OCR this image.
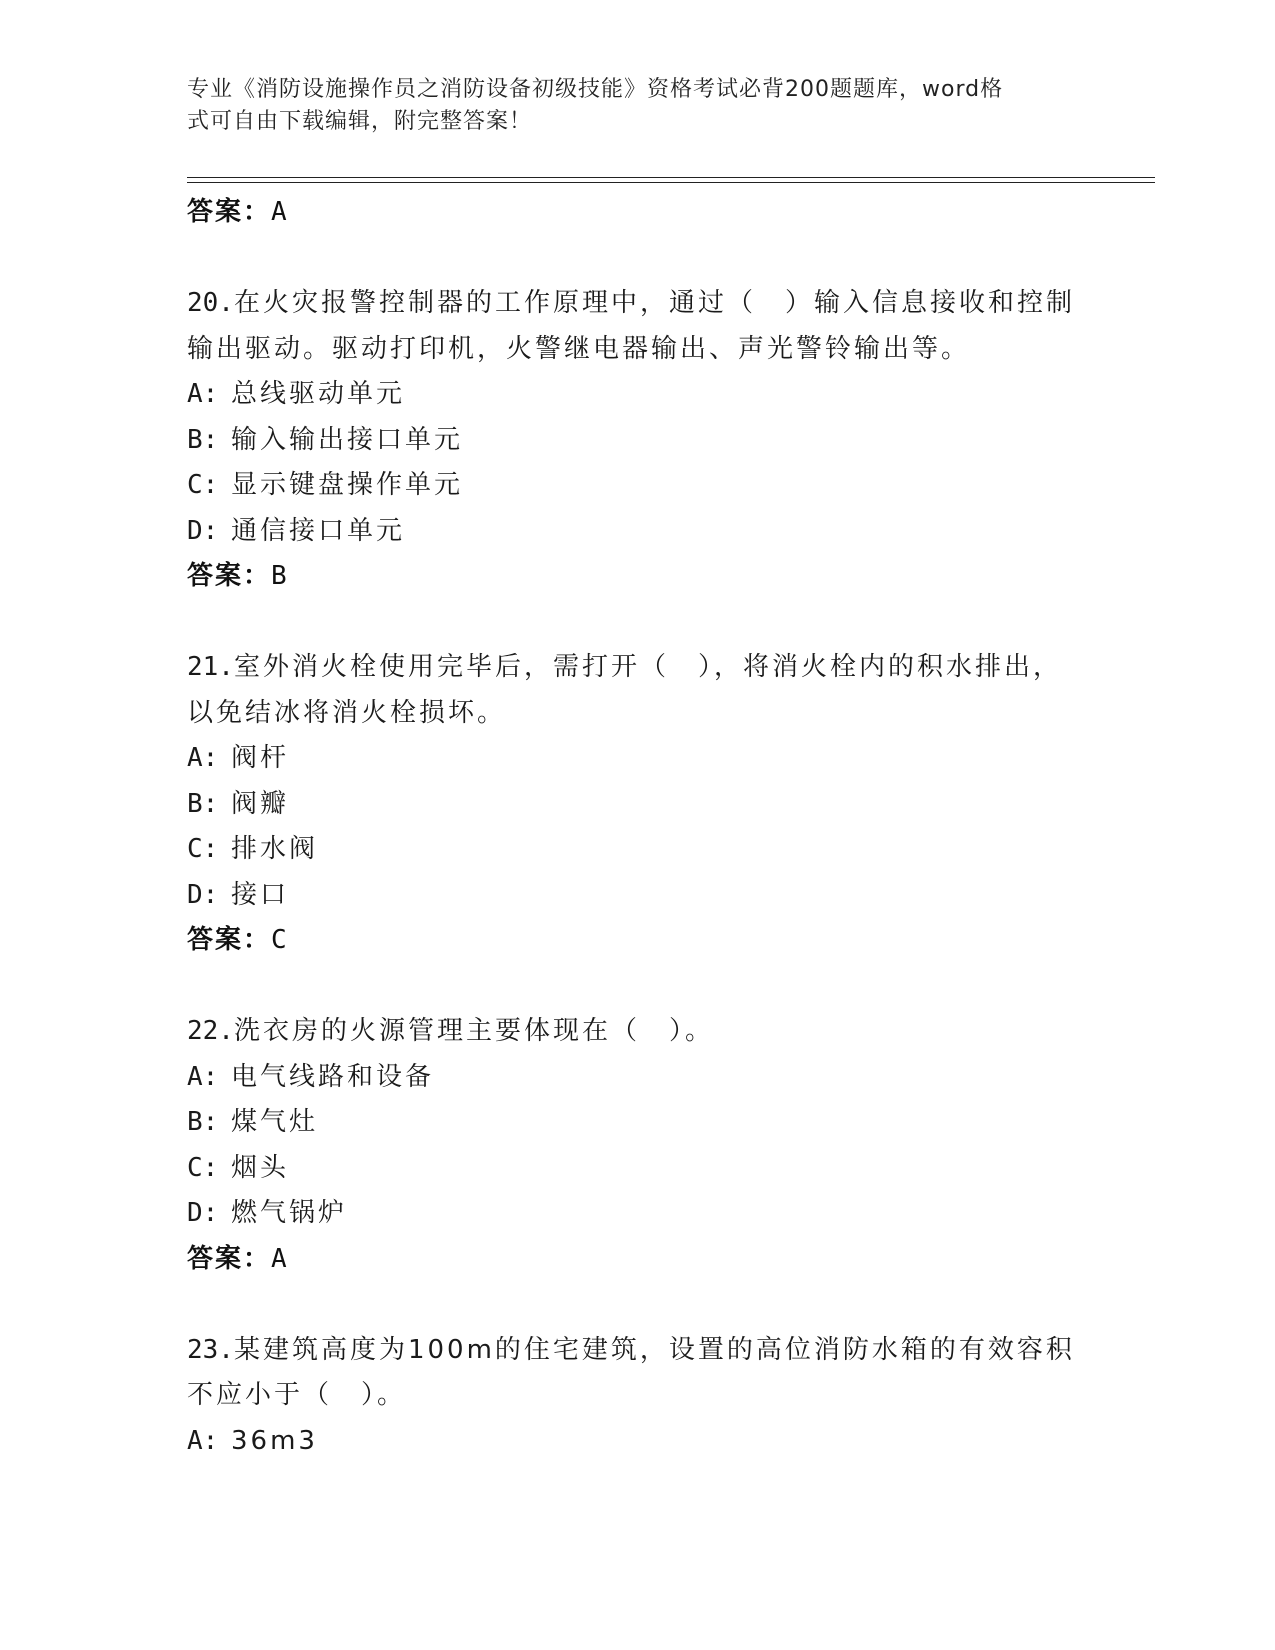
专业《消防设施操作员之消防设备初级技能》资格考试必背200题题库，word格
式可自由下载编辑，附完整答案！
答案：A
20.在火灾报警控制器的工作原理中，通过（　）输入信息接收和控制
输出驱动。驱动打印机，火警继电器输出、声光警铃输出等。
A: 总线驱动单元
B: 输入输出接口单元
C: 显示键盘操作单元
D: 通信接口单元
答案：B
21.室外消火栓使用完毕后，需打开（　），将消火栓内的积水排出，
以免结冰将消火栓损坏。
A: 阀杆
B: 阀瓣
C: 排水阀
D: 接口
答案：C
22.洗衣房的火源管理主要体现在（　）。
A: 电气线路和设备
B: 煤气灶
C: 烟头
D: 燃气锅炉
答案：A
23.某建筑高度为100m的住宅建筑，设置的高位消防水箱的有效容积
不应小于（　）。
A: 36m3
